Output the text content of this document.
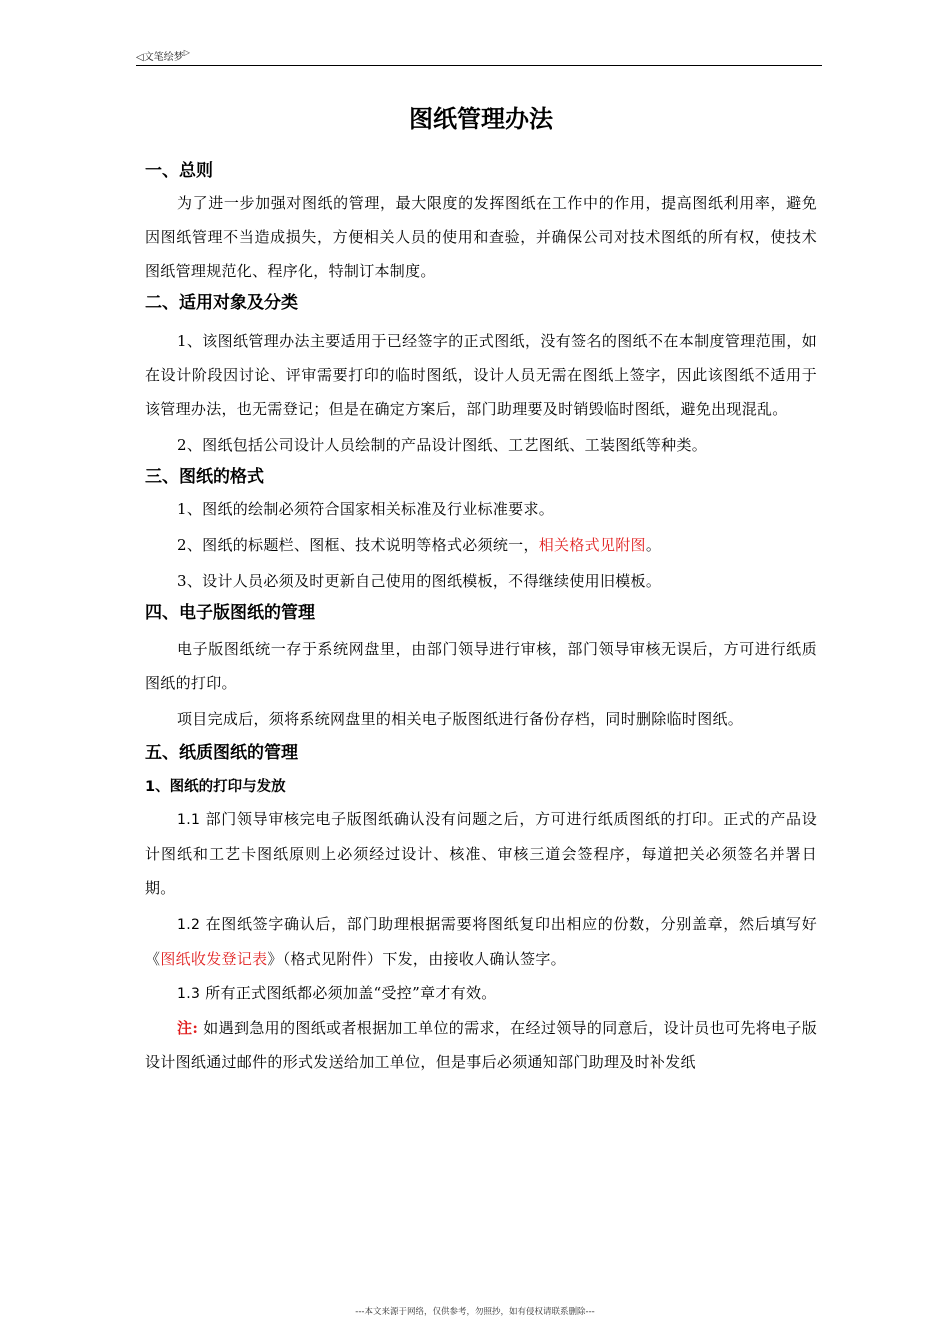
◁文笔绘梦▷
图纸管理办法
一、总则

为了进一步加强对图纸的管理，最大限度的发挥图纸在工作中的作用，提高图纸利用率，避免因图纸管理不当造成损失，方便相关人员的使用和查验，并确保公司对技术图纸的所有权，使技术图纸管理规范化、程序化，特制订本制度。

二、适用对象及分类

1、该图纸管理办法主要适用于已经签字的正式图纸，没有签名的图纸不在本制度管理范围，如在设计阶段因讨论、评审需要打印的临时图纸，设计人员无需在图纸上签字，因此该图纸不适用于该管理办法，也无需登记；但是在确定方案后，部门助理要及时销毁临时图纸，避免出现混乱。

2、图纸包括公司设计人员绘制的产品设计图纸、工艺图纸、工装图纸等种类。

三、图纸的格式

1、图纸的绘制必须符合国家相关标准及行业标准要求。

2、图纸的标题栏、图框、技术说明等格式必须统一，相关格式见附图。

3、设计人员必须及时更新自己使用的图纸模板，不得继续使用旧模板。

四、电子版图纸的管理

电子版图纸统一存于系统网盘里，由部门领导进行审核，部门领导审核无误后，方可进行纸质图纸的打印。

项目完成后，须将系统网盘里的相关电子版图纸进行备份存档，同时删除临时图纸。

五、纸质图纸的管理
1、图纸的打印与发放

1.1 部门领导审核完电子版图纸确认没有问题之后，方可进行纸质图纸的打印。正式的产品设计图纸和工艺卡图纸原则上必须经过设计、核准、审核三道会签程序，每道把关必须签名并署日期。

1.2 在图纸签字确认后，部门助理根据需要将图纸复印出相应的份数，分别盖章，然后填写好《图纸收发登记表》（格式见附件）下发，由接收人确认签字。

1.3 所有正式图纸都必须加盖“受控”章才有效。

注: 如遇到急用的图纸或者根据加工单位的需求，在经过领导的同意后，设计员也可先将电子版设计图纸通过邮件的形式发送给加工单位，但是事后必须通知部门助理及时补发纸

---本文来源于网络，仅供参考，勿照抄，如有侵权请联系删除---
